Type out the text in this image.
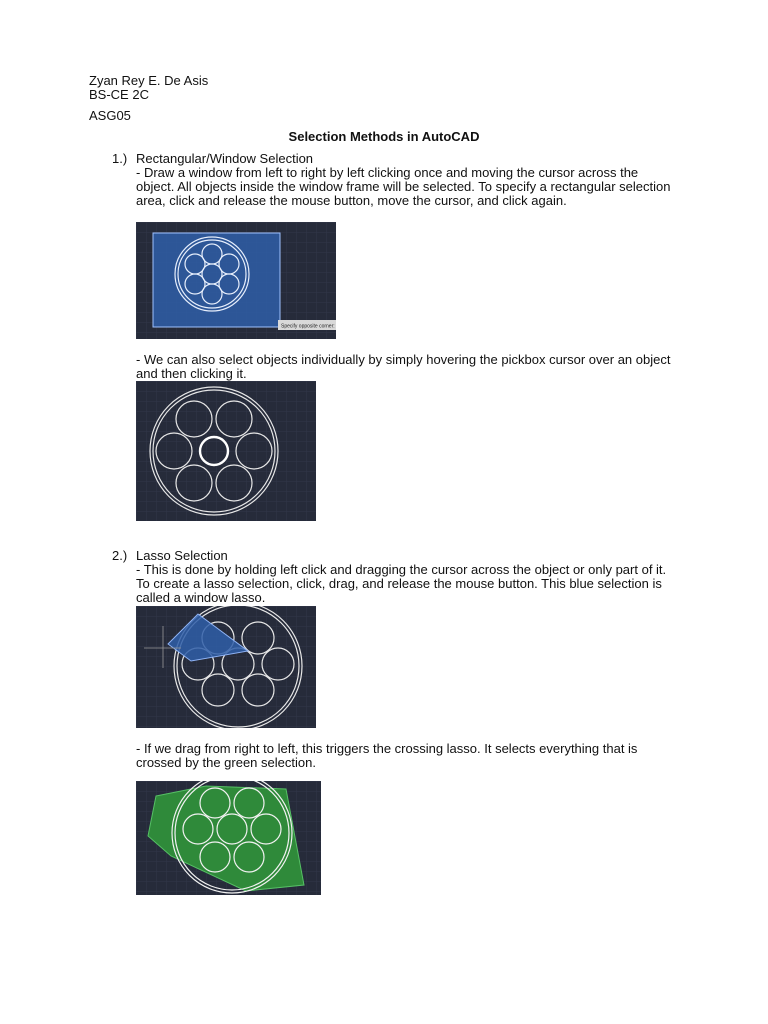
Zyan Rey E. De Asis
BS-CE 2C
ASG05
Selection Methods in AutoCAD
1.) Rectangular/Window Selection
- Draw a window from left to right by left clicking once and moving the cursor across the object. All objects inside the window frame will be selected. To specify a rectangular selection area, click and release the mouse button, move the cursor, and click again.
Specify opposite corner:
- We can also select objects individually by simply hovering the pickbox cursor over an object and then clicking it.
2.) Lasso Selection
- This is done by holding left click and dragging the cursor across the object or only part of it. To create a lasso selection, click, drag, and release the mouse button. This blue selection is called a window lasso.
- If we drag from right to left, this triggers the crossing lasso. It selects everything that is crossed by the green selection.
